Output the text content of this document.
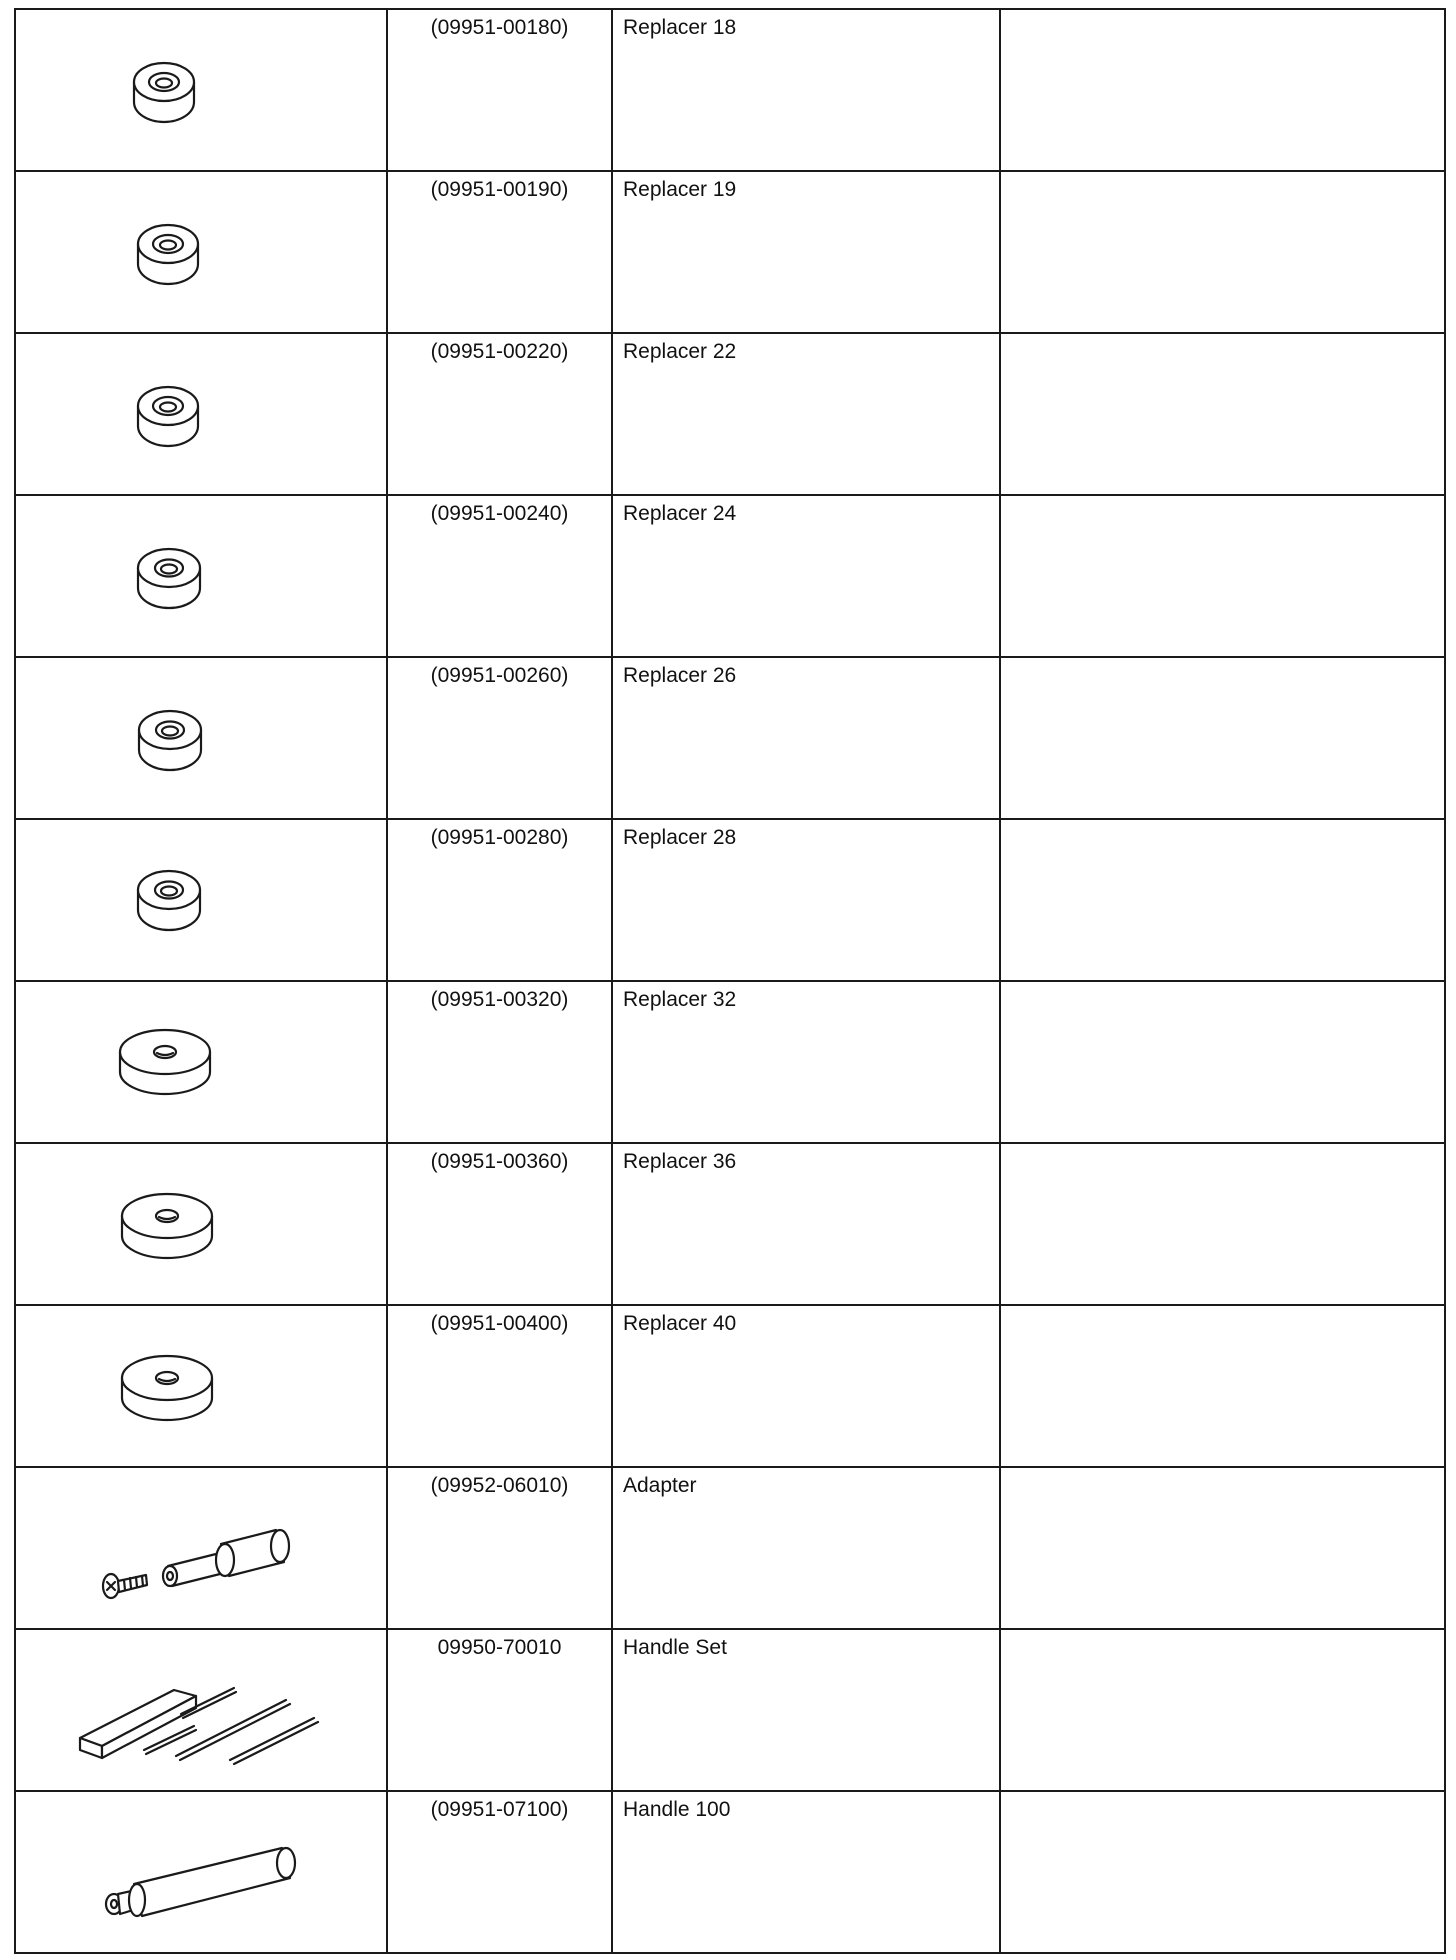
	(09951-00180)	Replacer 18	

	(09951-00190)	Replacer 19	

	(09951-00220)	Replacer 22	

	(09951-00240)	Replacer 24	

	(09951-00260)	Replacer 26	

	(09951-00280)	Replacer 28	

	(09951-00320)	Replacer 32	

	(09951-00360)	Replacer 36	

	(09951-00400)	Replacer 40	

	(09952-06010)	Adapter	

	09950-70010	Handle Set	

	(09951-07100)	Handle 100	
